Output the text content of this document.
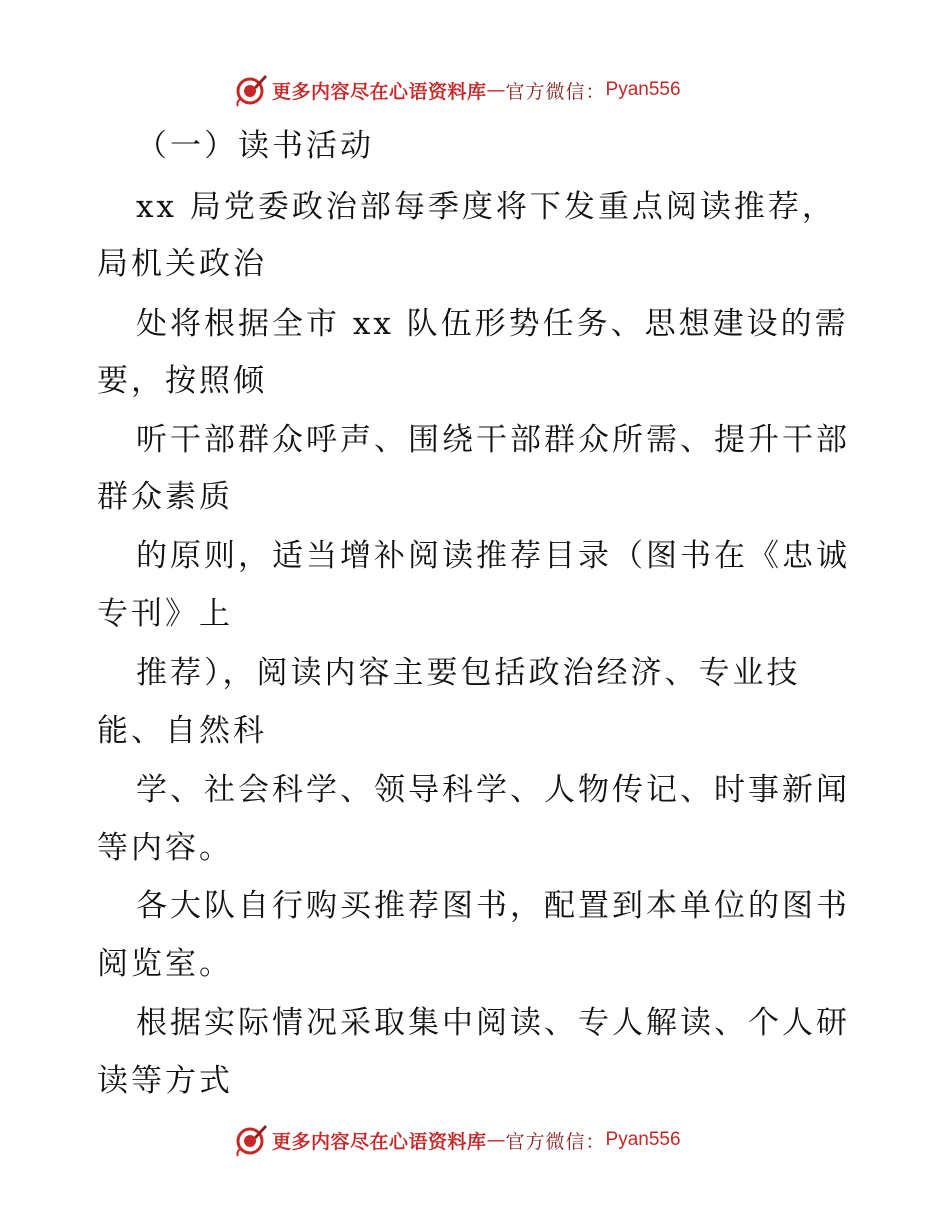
更多内容尽在心语资料库 — 官方微信： Pyan556
（一）读书活动
xx 局党委政治部每季度将下发重点阅读推荐，
局机关政治
处将根据全市 xx 队伍形势任务、思想建设的需
要，按照倾
听干部群众呼声、围绕干部群众所需、提升干部
群众素质
的原则，适当增补阅读推荐目录（图书在《忠诚
专刊》上
推荐），阅读内容主要包括政治经济、专业技
能、自然科
学、社会科学、领导科学、人物传记、时事新闻
等内容。
各大队自行购买推荐图书，配置到本单位的图书
阅览室。
根据实际情况采取集中阅读、专人解读、个人研
读等方式
更多内容尽在心语资料库 — 官方微信： Pyan556
